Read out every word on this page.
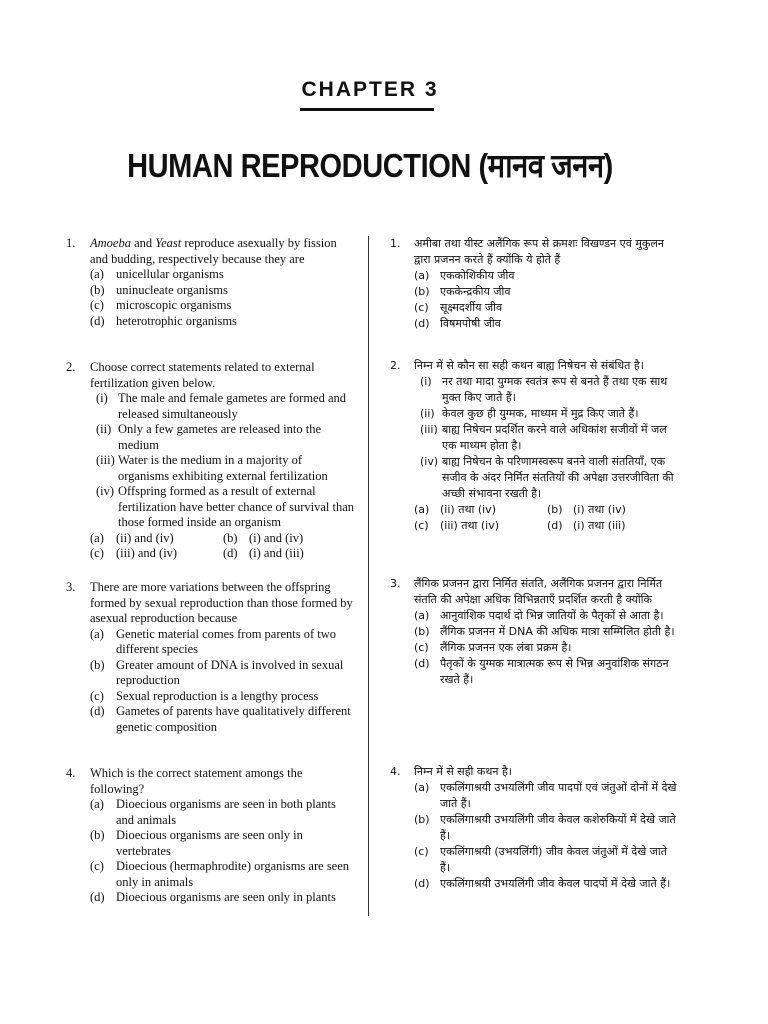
CHAPTER 3
HUMAN REPRODUCTION (मानव जनन)
1.	Amoeba and Yeast reproduce asexually by fission and budding, respectively because they are
(a) unicellular organisms
(b) uninucleate organisms
(c) microscopic organisms
(d) heterotrophic organisms
2.	Choose correct statements related to external fertilization given below.
(i) The male and female gametes are formed and released simultaneously
(ii) Only a few gametes are released into the medium
(iii) Water is the medium in a majority of organisms exhibiting external fertilization
(iv) Offspring formed as a result of external fertilization have better chance of survival than those formed inside an organism
(a) (ii) and (iv)	(b) (i) and (iv)
(c) (iii) and (iv)	(d) (i) and (iii)
3.	There are more variations between the offspring formed by sexual reproduction than those formed by asexual reproduction because
(a) Genetic material comes from parents of two different species
(b) Greater amount of DNA is involved in sexual reproduction
(c) Sexual reproduction is a lengthy process
(d) Gametes of parents have qualitatively different genetic composition
4.	Which is the correct statement amongs the following?
(a) Dioecious organisms are seen in both plants and animals
(b) Dioecious organisms are seen only in vertebrates
(c) Dioecious (hermaphrodite) organisms are seen only in animals
(d) Dioecious organisms are seen only in plants
1.	अमीबा तथा यीस्ट अलैंगिक रूप से क्रमशः विखण्डन एवं मुकुलन द्वारा प्रजनन करते हैं क्योंकि ये होते हैं
(a) एककोशिकीय जीव
(b) एककेन्द्रकीय जीव
(c)	सूक्ष्मदर्शीय जीव
(d) विषमपोषी जीव
2.	निम्न में से कौन सा सही कथन बाह्य निषेचन से संबंधित है।
(i) नर तथा मादा युग्मक स्वतंत्र रूप से बनते हैं तथा एक साथ मुक्त किए जाते हैं।
(ii) केवल कुछ ही युग्मक, माध्यम में मुद्र किए जाते हैं।
(iii) बाह्य निषेचन प्रदर्शित करने वाले अधिकांश सजीवों में जल एक माध्यम होता है।
(iv) बाह्य निषेचन के परिणामस्वरूप बनने वाली संततियाँ, एक सजीव के अंदर निर्मित संततियों की अपेक्षा उत्तरजीविता की अच्छी संभावना रखती है।
(a) (ii) तथा (iv)	(b) (i) तथा (iv)
(c)	(iii) तथा (iv)	(d) (i) तथा (iii)
3.	लैंगिक प्रजनन द्वारा निर्मित संतति, अलैंगिक प्रजनन द्वारा निर्मित संतति की अपेक्षा अधिक विभिन्नताएँ प्रदर्शित करती है क्योंकि
(a) आनुवांशिक पदार्थ दो भिन्न जातियों के पैतृकों से आता है।
(b) लैंगिक प्रजनन में DNA की अधिक मात्रा सम्मिलित होती है।
(c)	लैंगिक प्रजनन एक लंबा प्रक्रम है।
(d) पैतृकों के युग्मक मात्रात्मक रूप से भिन्न अनुवांशिक संगठन रखते हैं।
4.	निम्न में से सही कथन है।
(a) एकलिंगाश्रयी उभयलिंगी जीव पादपों एवं जंतुओं दोनों में देखे जाते हैं।
(b) एकलिंगाश्रयी उभयलिंगी जीव केवल कशेरुकियों में देखे जाते हैं।
(c)	एकलिंगाश्रयी (उभयलिंगी) जीव केवल जंतुओं में देखे जाते हैं।
(d) एकलिंगाश्रयी उभयलिंगी जीव केवल पादपों में देखे जाते हैं।
